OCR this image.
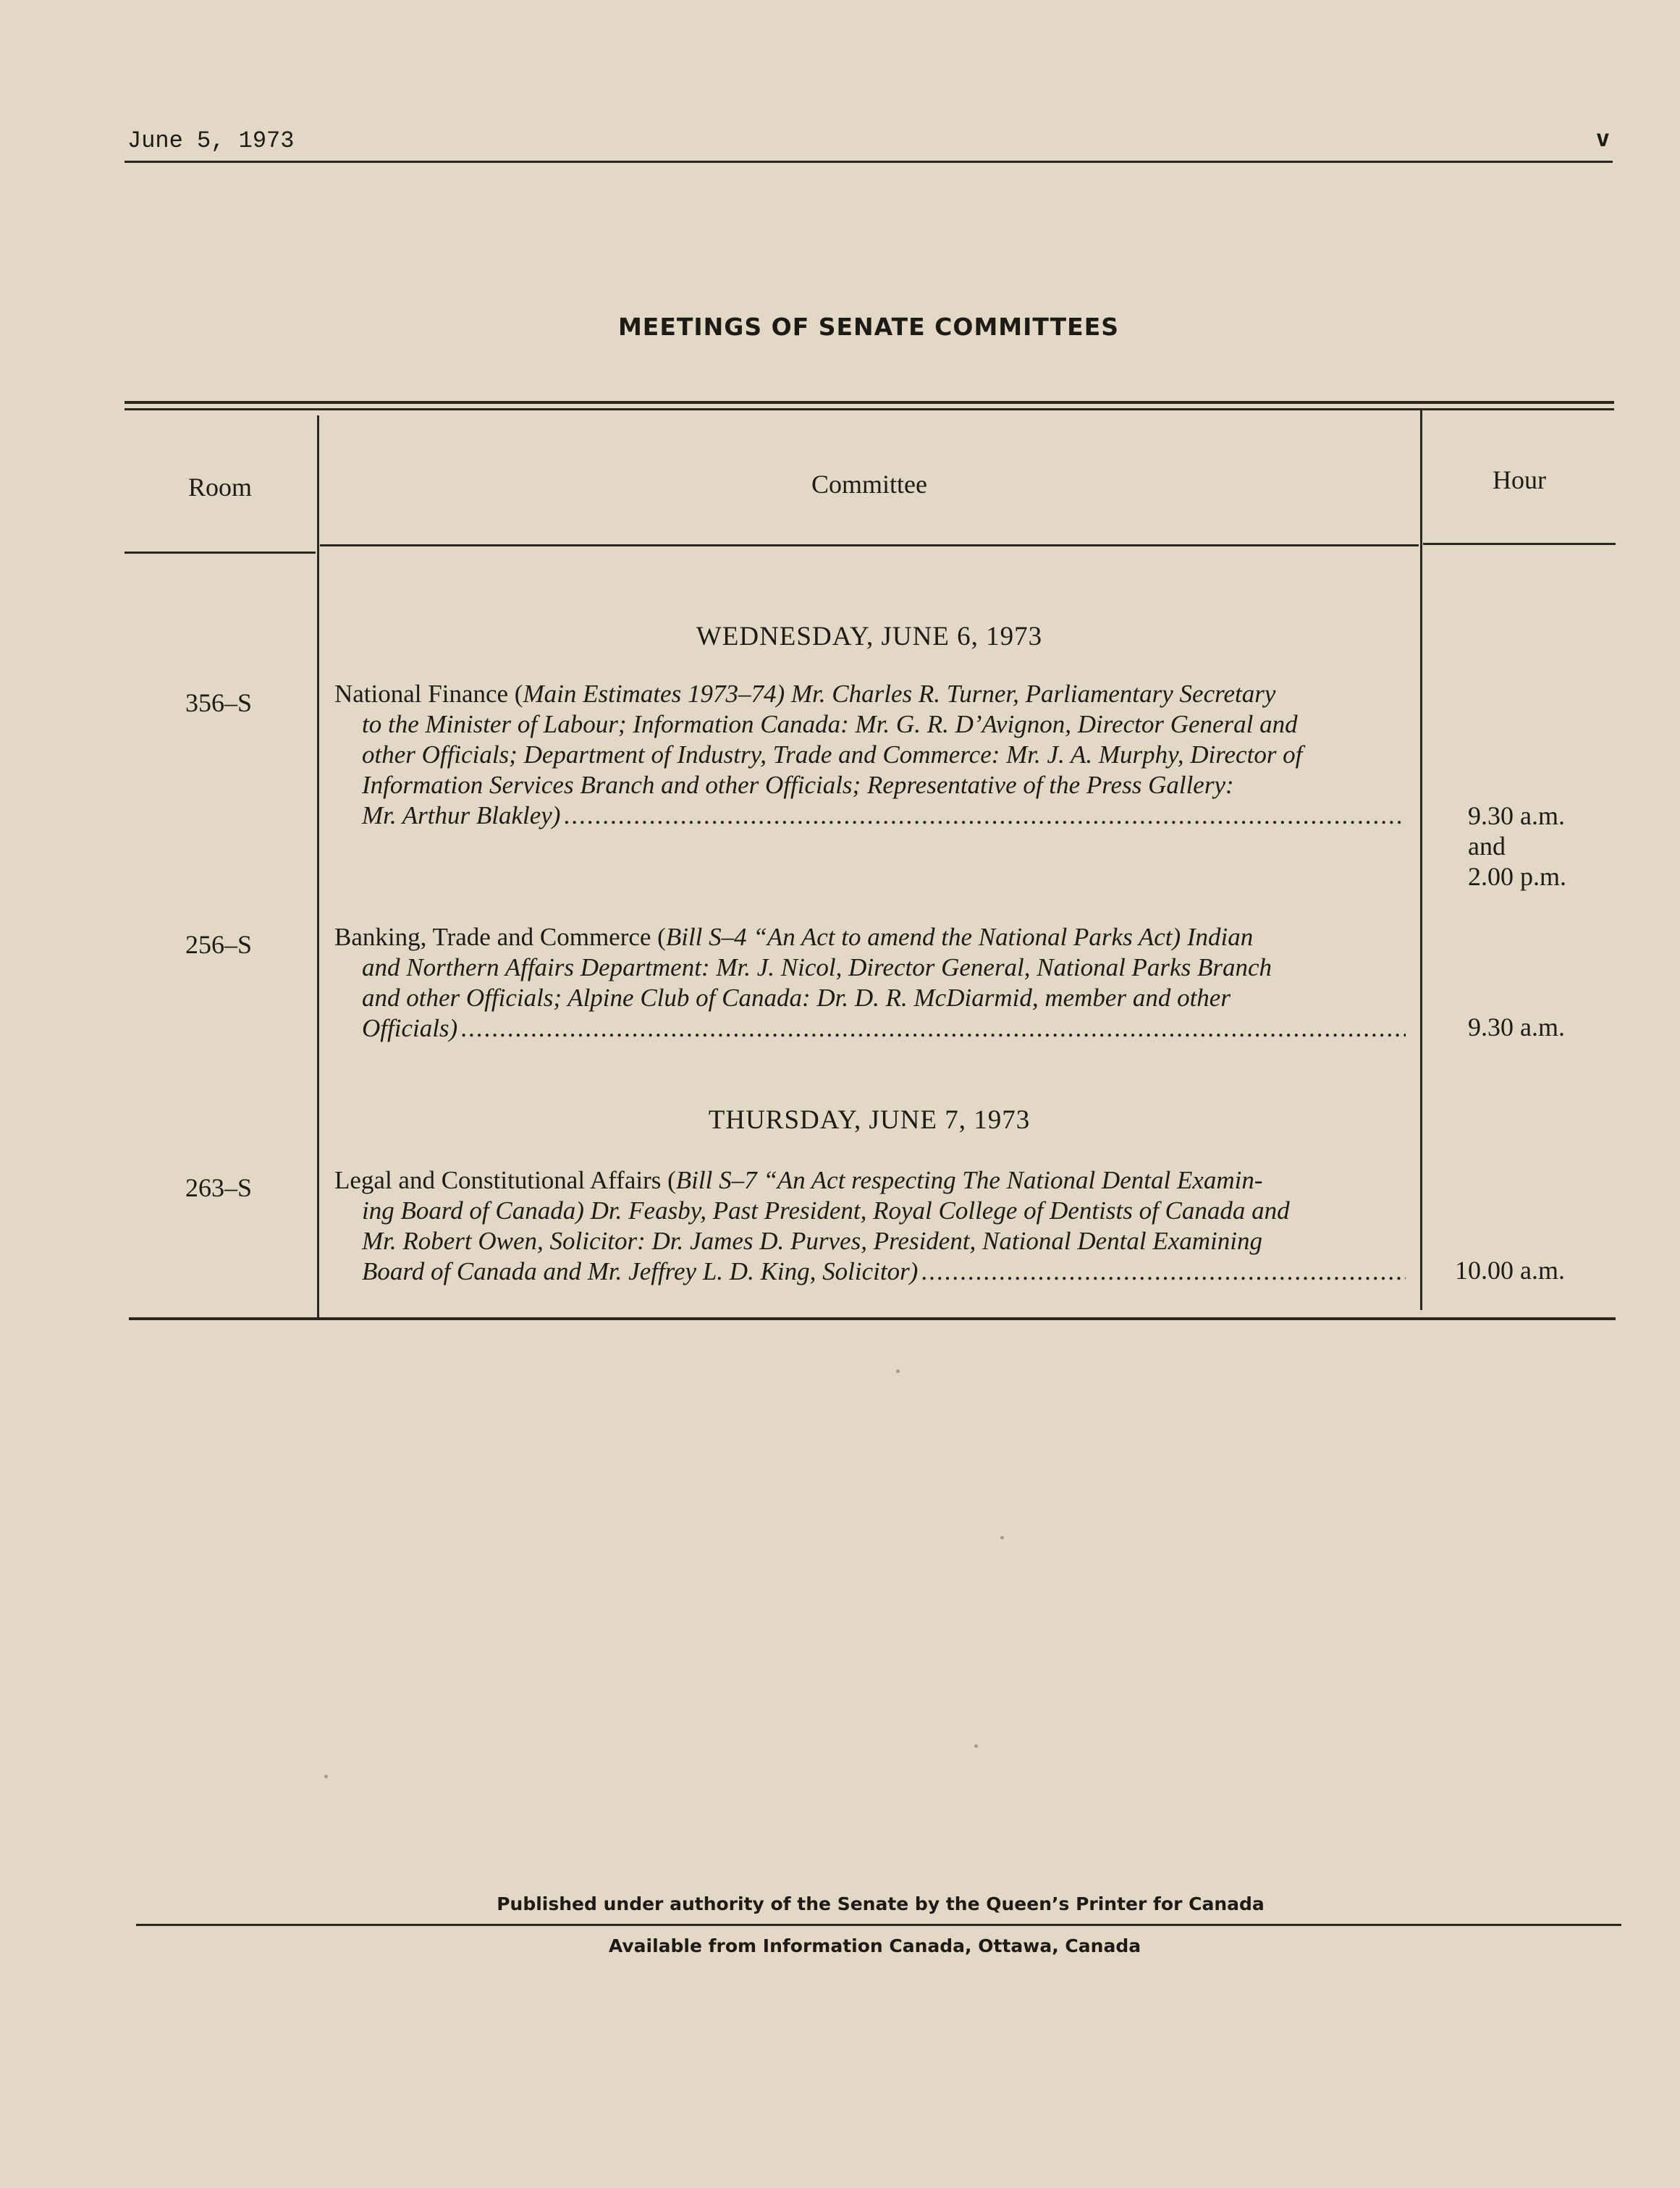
June 5, 1973	v
MEETINGS OF SENATE COMMITTEES
Room	Committee	Hour
WEDNESDAY, JUNE 6, 1973
356–S	National Finance (Main Estimates 1973–74) Mr. Charles R. Turner, Parliamentary Secretary
to the Minister of Labour; Information Canada: Mr. G. R. D’Avignon, Director General and
other Officials; Department of Industry, Trade and Commerce: Mr. J. A. Murphy, Director of
Information Services Branch and other Officials; Representative of the Press Gallery:
Mr. Arthur Blakley) .....	9.30 a.m.
and
2.00 p.m.
256–S	Banking, Trade and Commerce ( Bill S–4 “An Act to amend the National Parks Act) Indian
and Northern Affairs Department: Mr. J. Nicol, Director General, National Parks Branch
and other Officials; Alpine Club of Canada: Dr. D. R. McDiarmid, member and other
Officials) .....	9.30 a.m.
THURSDAY, JUNE 7, 1973
263–S	Legal and Constitutional Affairs ( Bill S–7 “An Act respecting The National Dental Examin-
ing Board of Canada) Dr. Feasby, Past President, Royal College of Dentists of Canada and
Mr. Robert Owen, Solicitor: Dr. James D. Purves, President, National Dental Examining
Board of Canada and Mr. Jeffrey L. D. King, Solicitor) .....	10.00 a.m.
Published under authority of the Senate by the Queen’s Printer for Canada
Available from Information Canada, Ottawa, Canada
